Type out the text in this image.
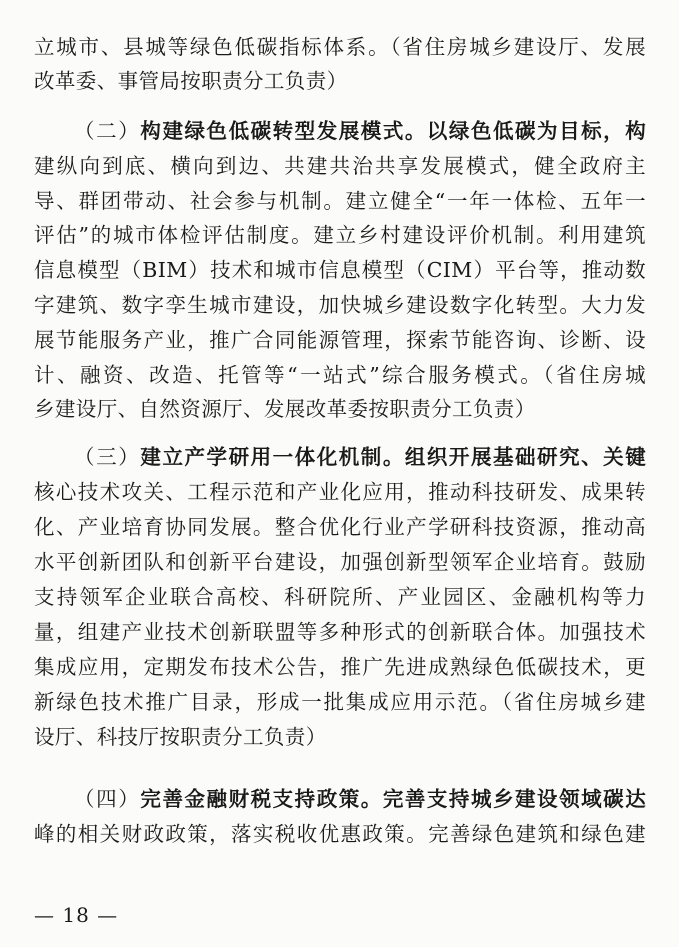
立城市、县城等绿色低碳指标体系。（省住房城乡建设厅、发展
改革委、事管局按职责分工负责）
（二）构建绿色低碳转型发展模式。以绿色低碳为目标，构
建纵向到底、横向到边、共建共治共享发展模式，健全政府主
导、群团带动、社会参与机制。建立健全“一年一体检、五年一
评估”的城市体检评估制度。建立乡村建设评价机制。利用建筑
信息模型（BIM）技术和城市信息模型（CIM）平台等，推动数
字建筑、数字孪生城市建设，加快城乡建设数字化转型。大力发
展节能服务产业，推广合同能源管理，探索节能咨询、诊断、设
计、融资、改造、托管等“一站式”综合服务模式。（省住房城
乡建设厅、自然资源厅、发展改革委按职责分工负责）
（三）建立产学研用一体化机制。组织开展基础研究、关键
核心技术攻关、工程示范和产业化应用，推动科技研发、成果转
化、产业培育协同发展。整合优化行业产学研科技资源，推动高
水平创新团队和创新平台建设，加强创新型领军企业培育。鼓励
支持领军企业联合高校、科研院所、产业园区、金融机构等力
量，组建产业技术创新联盟等多种形式的创新联合体。加强技术
集成应用，定期发布技术公告，推广先进成熟绿色低碳技术，更
新绿色技术推广目录，形成一批集成应用示范。（省住房城乡建
设厅、科技厅按职责分工负责）
（四）完善金融财税支持政策。完善支持城乡建设领域碳达
峰的相关财政政策，落实税收优惠政策。完善绿色建筑和绿色建
— 18 —
